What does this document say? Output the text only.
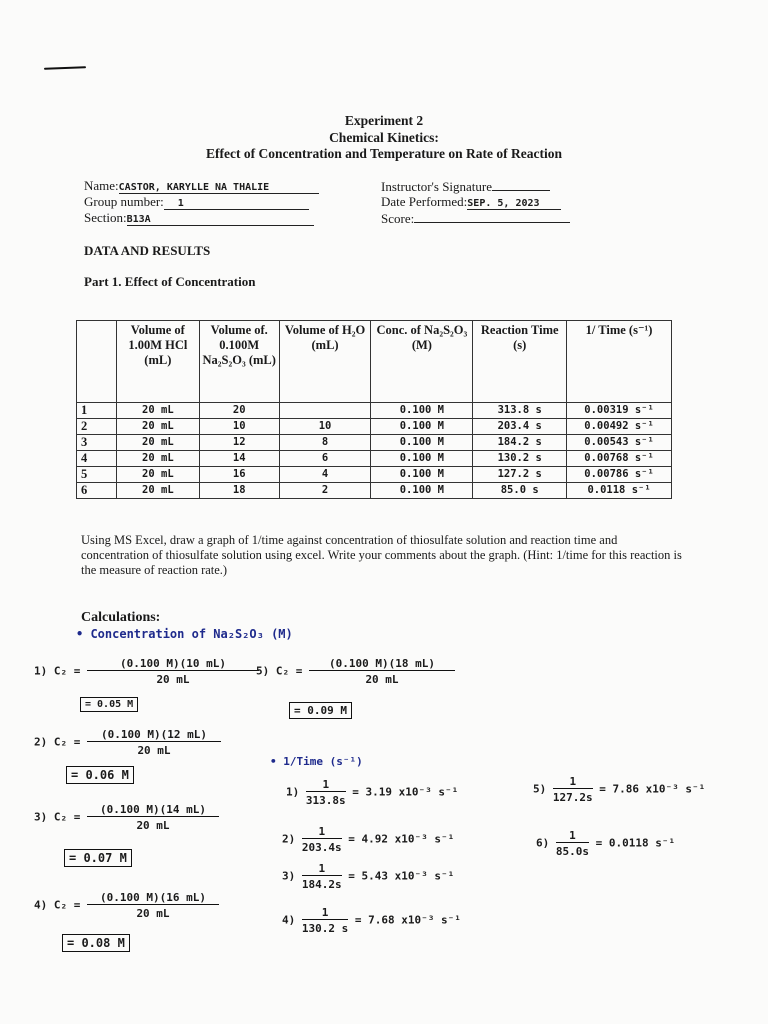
Experiment 2
Chemical Kinetics:
Effect of Concentration and Temperature on Rate of Reaction
Name:CASTOR, KARYLLE NA THALIE
Group number: 1
Section:B13A
Instructor's Signature
Date Performed:SEP. 5, 2023
Score:
DATA AND RESULTS
Part 1. Effect of Concentration
	Volume of 1.00M HCl (mL)	Volume of. 0.100M Na₂S₂O₃ (mL)	Volume of H₂O (mL)	Conc. of Na₂S₂O₃ (M)	Reaction Time (s)	1/ Time (s⁻¹)
1	20 mL	20		0.100 M	313.8 s	0.00319 s⁻¹
2	20 mL	10	10	0.100 M	203.4 s	0.00492 s⁻¹
3	20 mL	12	8	0.100 M	184.2 s	0.00543 s⁻¹
4	20 mL	14	6	0.100 M	130.2 s	0.00768 s⁻¹
5	20 mL	16	4	0.100 M	127.2 s	0.00786 s⁻¹
6	20 mL	18	2	0.100 M	85.0 s	0.0118 s⁻¹
Using MS Excel, draw a graph of 1/time against concentration of thiosulfate solution and reaction time and concentration of thiosulfate solution using excel. Write your comments about the graph. (Hint: 1/time for this reaction is the measure of reaction rate.)
Calculations:
• Concentration of Na₂S₂O₃ (M)
1) $C_2 = \frac{(0.100 M)(10 mL)}{20 mL}$
= 0.05 M
5) $C_2 = \frac{(0.100 M)(18 mL)}{20 mL}$
= 0.09 M
2) $C_2 = \frac{(0.100 M)(12 mL)}{20 mL}$
= 0.06 M
3) $C_2 = \frac{(0.100 M)(14 mL)}{20 mL}$
= 0.07 M
4) $C_2 = \frac{(0.100 M)(16 mL)}{20 mL}$
= 0.08 M
• 1/Time (s⁻¹)
$1) \frac{1}{313.8s} = 3.19$ x10⁻³ s⁻¹
$2) \frac{1}{203.4s} = 4.92$ x10⁻³ s⁻¹
$3) \frac{1}{184.2s} = 5.43$ x10⁻³ s⁻¹
$4) \frac{1}{130.2 s} = 7.68$ x10⁻³ s⁻¹
$5) \frac{1}{127.2s} = 7.86$ x10⁻³ s⁻¹
$6) \frac{1}{85.0s} = 0.0118$ s⁻¹
